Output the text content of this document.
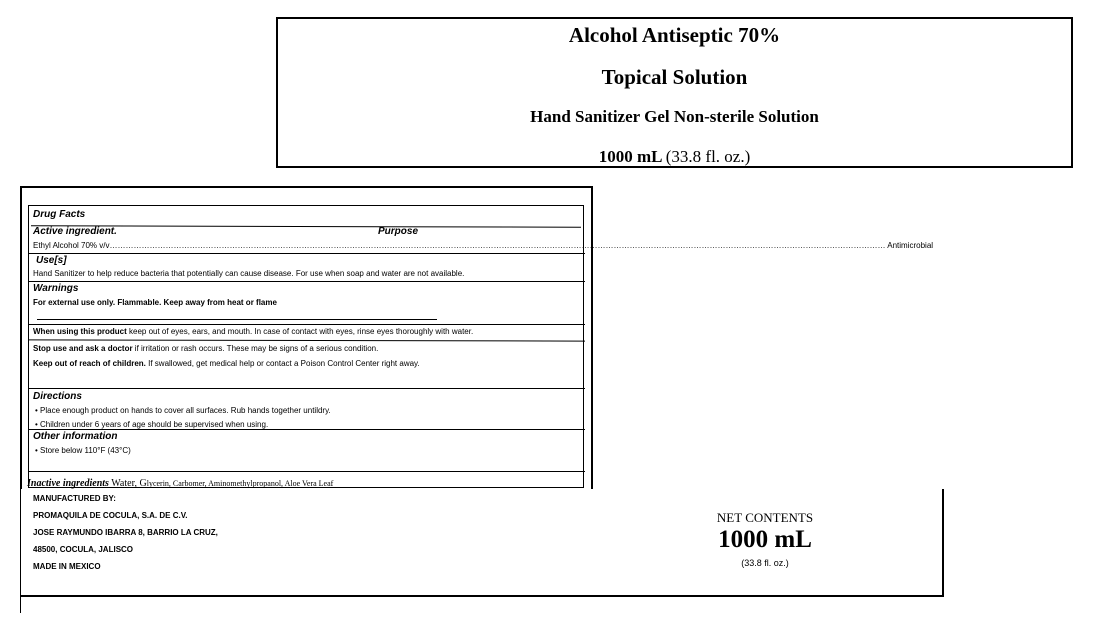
Alcohol Antiseptic 70%
Topical Solution
Hand Sanitizer Gel Non-sterile Solution
1000 mL (33.8 fl. oz.)
Drug Facts
Active ingredient.	Purpose
Ethyl Alcohol 70% v/v………………………………………………………………………………………………………………………………………………………………………………………………………………………………………………………………… Antimicrobial
Use[s]
Hand Sanitizer to help reduce bacteria that potentially can cause disease. For use when soap and water are not available.
Warnings
For external use only. Flammable. Keep away from heat or flame
When using this product keep out of eyes, ears, and mouth. In case of contact with eyes, rinse eyes thoroughly with water.
Stop use and ask a doctor if irritation or rash occurs. These may be signs of a serious condition.
Keep out of reach of children. If swallowed, get medical help or contact a Poison Control Center right away.
Directions
• Place enough product on hands to cover all surfaces. Rub hands together untildry.
• Children under 6 years of age should be supervised when using.
Other information
• Store below 110°F (43°C)
Inactive ingredients Water, Glycerin, Carbomer, Aminomethylpropanol, Aloe Vera Leaf
MANUFACTURED BY:
PROMAQUILA DE COCULA, S.A. DE C.V.
JOSE RAYMUNDO IBARRA 8, BARRIO LA CRUZ,
48500, COCULA, JALISCO
MADE IN MEXICO
NET CONTENTS
1000 mL
(33.8 fl. oz.)
